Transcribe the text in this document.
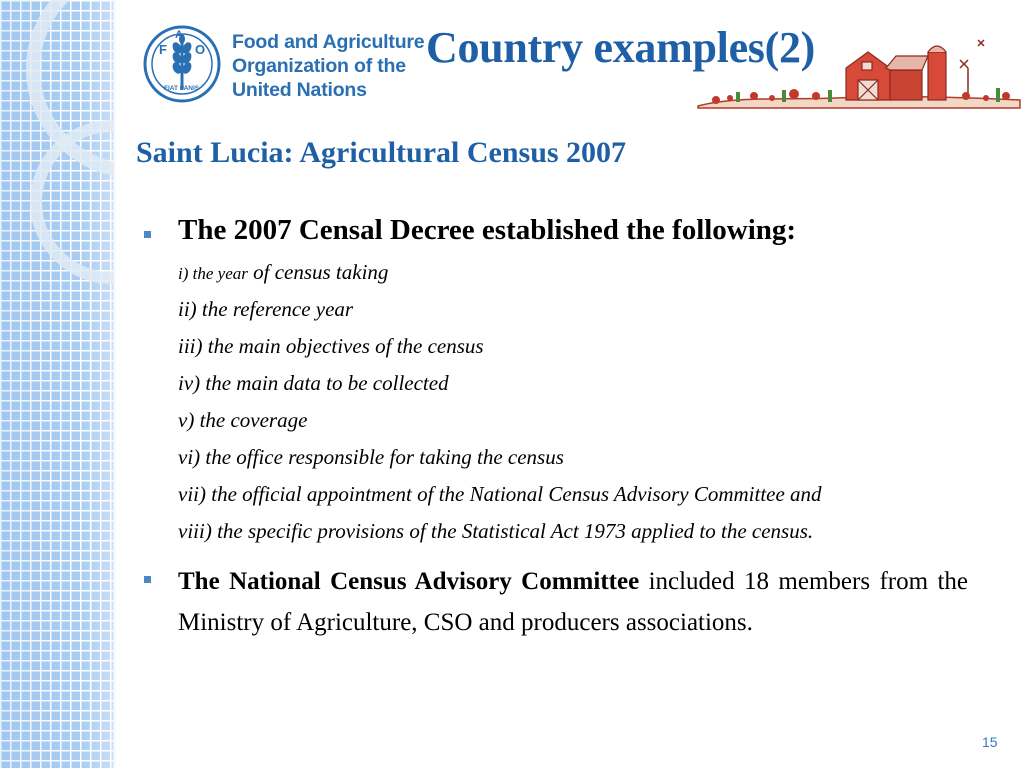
F
A
O
FIAT PANIS
Food and Agriculture
Organization of the
United Nations
Country examples(2)
Saint Lucia: Agricultural Census 2007
The 2007 Censal Decree established the following:
i) the year of census taking
ii) the reference year
iii) the main objectives of the census
iv) the main data to be collected
v) the coverage
vi) the office responsible for taking the census
vii) the official appointment of the National Census Advisory Committee and
viii) the specific provisions of the Statistical Act 1973 applied to the census.
The National Census Advisory Committee included 18 members from the Ministry of Agriculture, CSO and producers associations.
15
